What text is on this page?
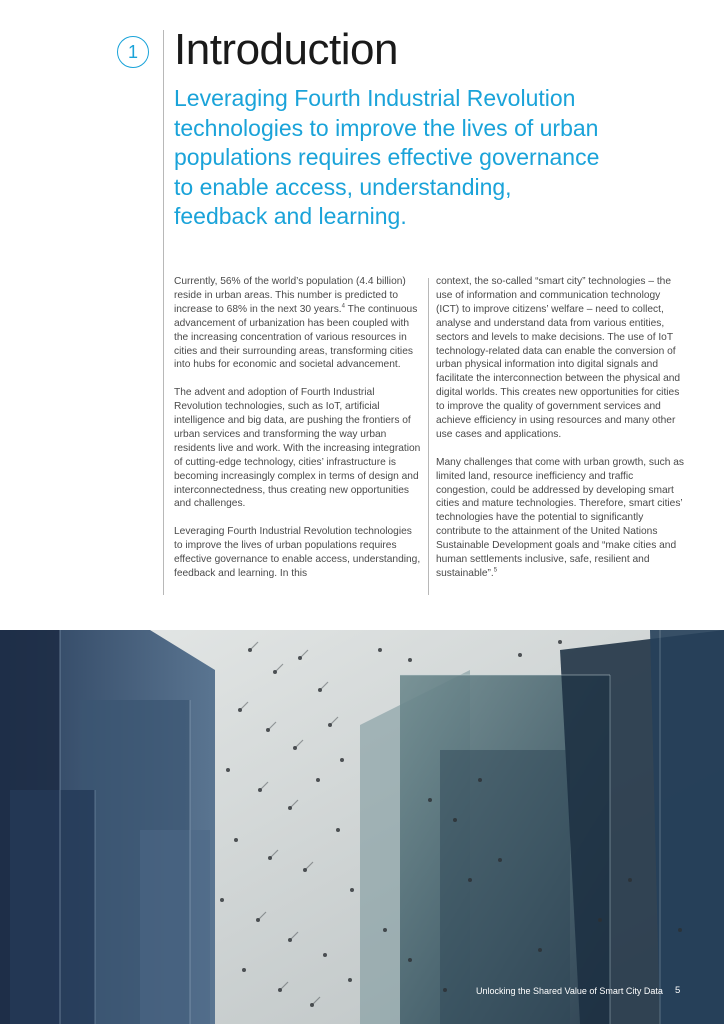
1 Introduction

Leveraging Fourth Industrial Revolution technologies to improve the lives of urban populations requires effective governance to enable access, understanding, feedback and learning.

Currently, 56% of the world’s population (4.4 billion) reside in urban areas. This number is predicted to increase to 68% in the next 30 years.$^4$ The continuous advancement of urbanization has been coupled with the increasing concentration of various resources in cities and their surrounding areas, transforming cities into hubs for economic and societal advancement.

The advent and adoption of Fourth Industrial Revolution technologies, such as IoT, artificial intelligence and big data, are pushing the frontiers of urban services and transforming the way urban residents live and work. With the increasing integration of cutting-edge technology, cities’ infrastructure is becoming increasingly complex in terms of design and interconnectedness, thus creating new opportunities and challenges.

Leveraging Fourth Industrial Revolution technologies to improve the lives of urban populations requires effective governance to enable access, understanding, feedback and learning. In this

context, the so-called “smart city” technologies – the use of information and communication technology (ICT) to improve citizens’ welfare – need to collect, analyse and understand data from various entities, sectors and levels to make decisions. The use of IoT technology-related data can enable the conversion of urban physical information into digital signals and facilitate the interconnection between the physical and digital worlds. This creates new opportunities for cities to improve the quality of government services and achieve efficiency in using resources and many other use cases and applications.

Many challenges that come with urban growth, such as limited land, resource inefficiency and traffic congestion, could be addressed by developing smart cities and mature technologies. Therefore, smart cities’ technologies have the potential to significantly contribute to the attainment of the United Nations Sustainable Development goals and “make cities and human settlements inclusive, safe, resilient and sustainable”.$^5$

Unlocking the Shared Value of Smart City Data 5
